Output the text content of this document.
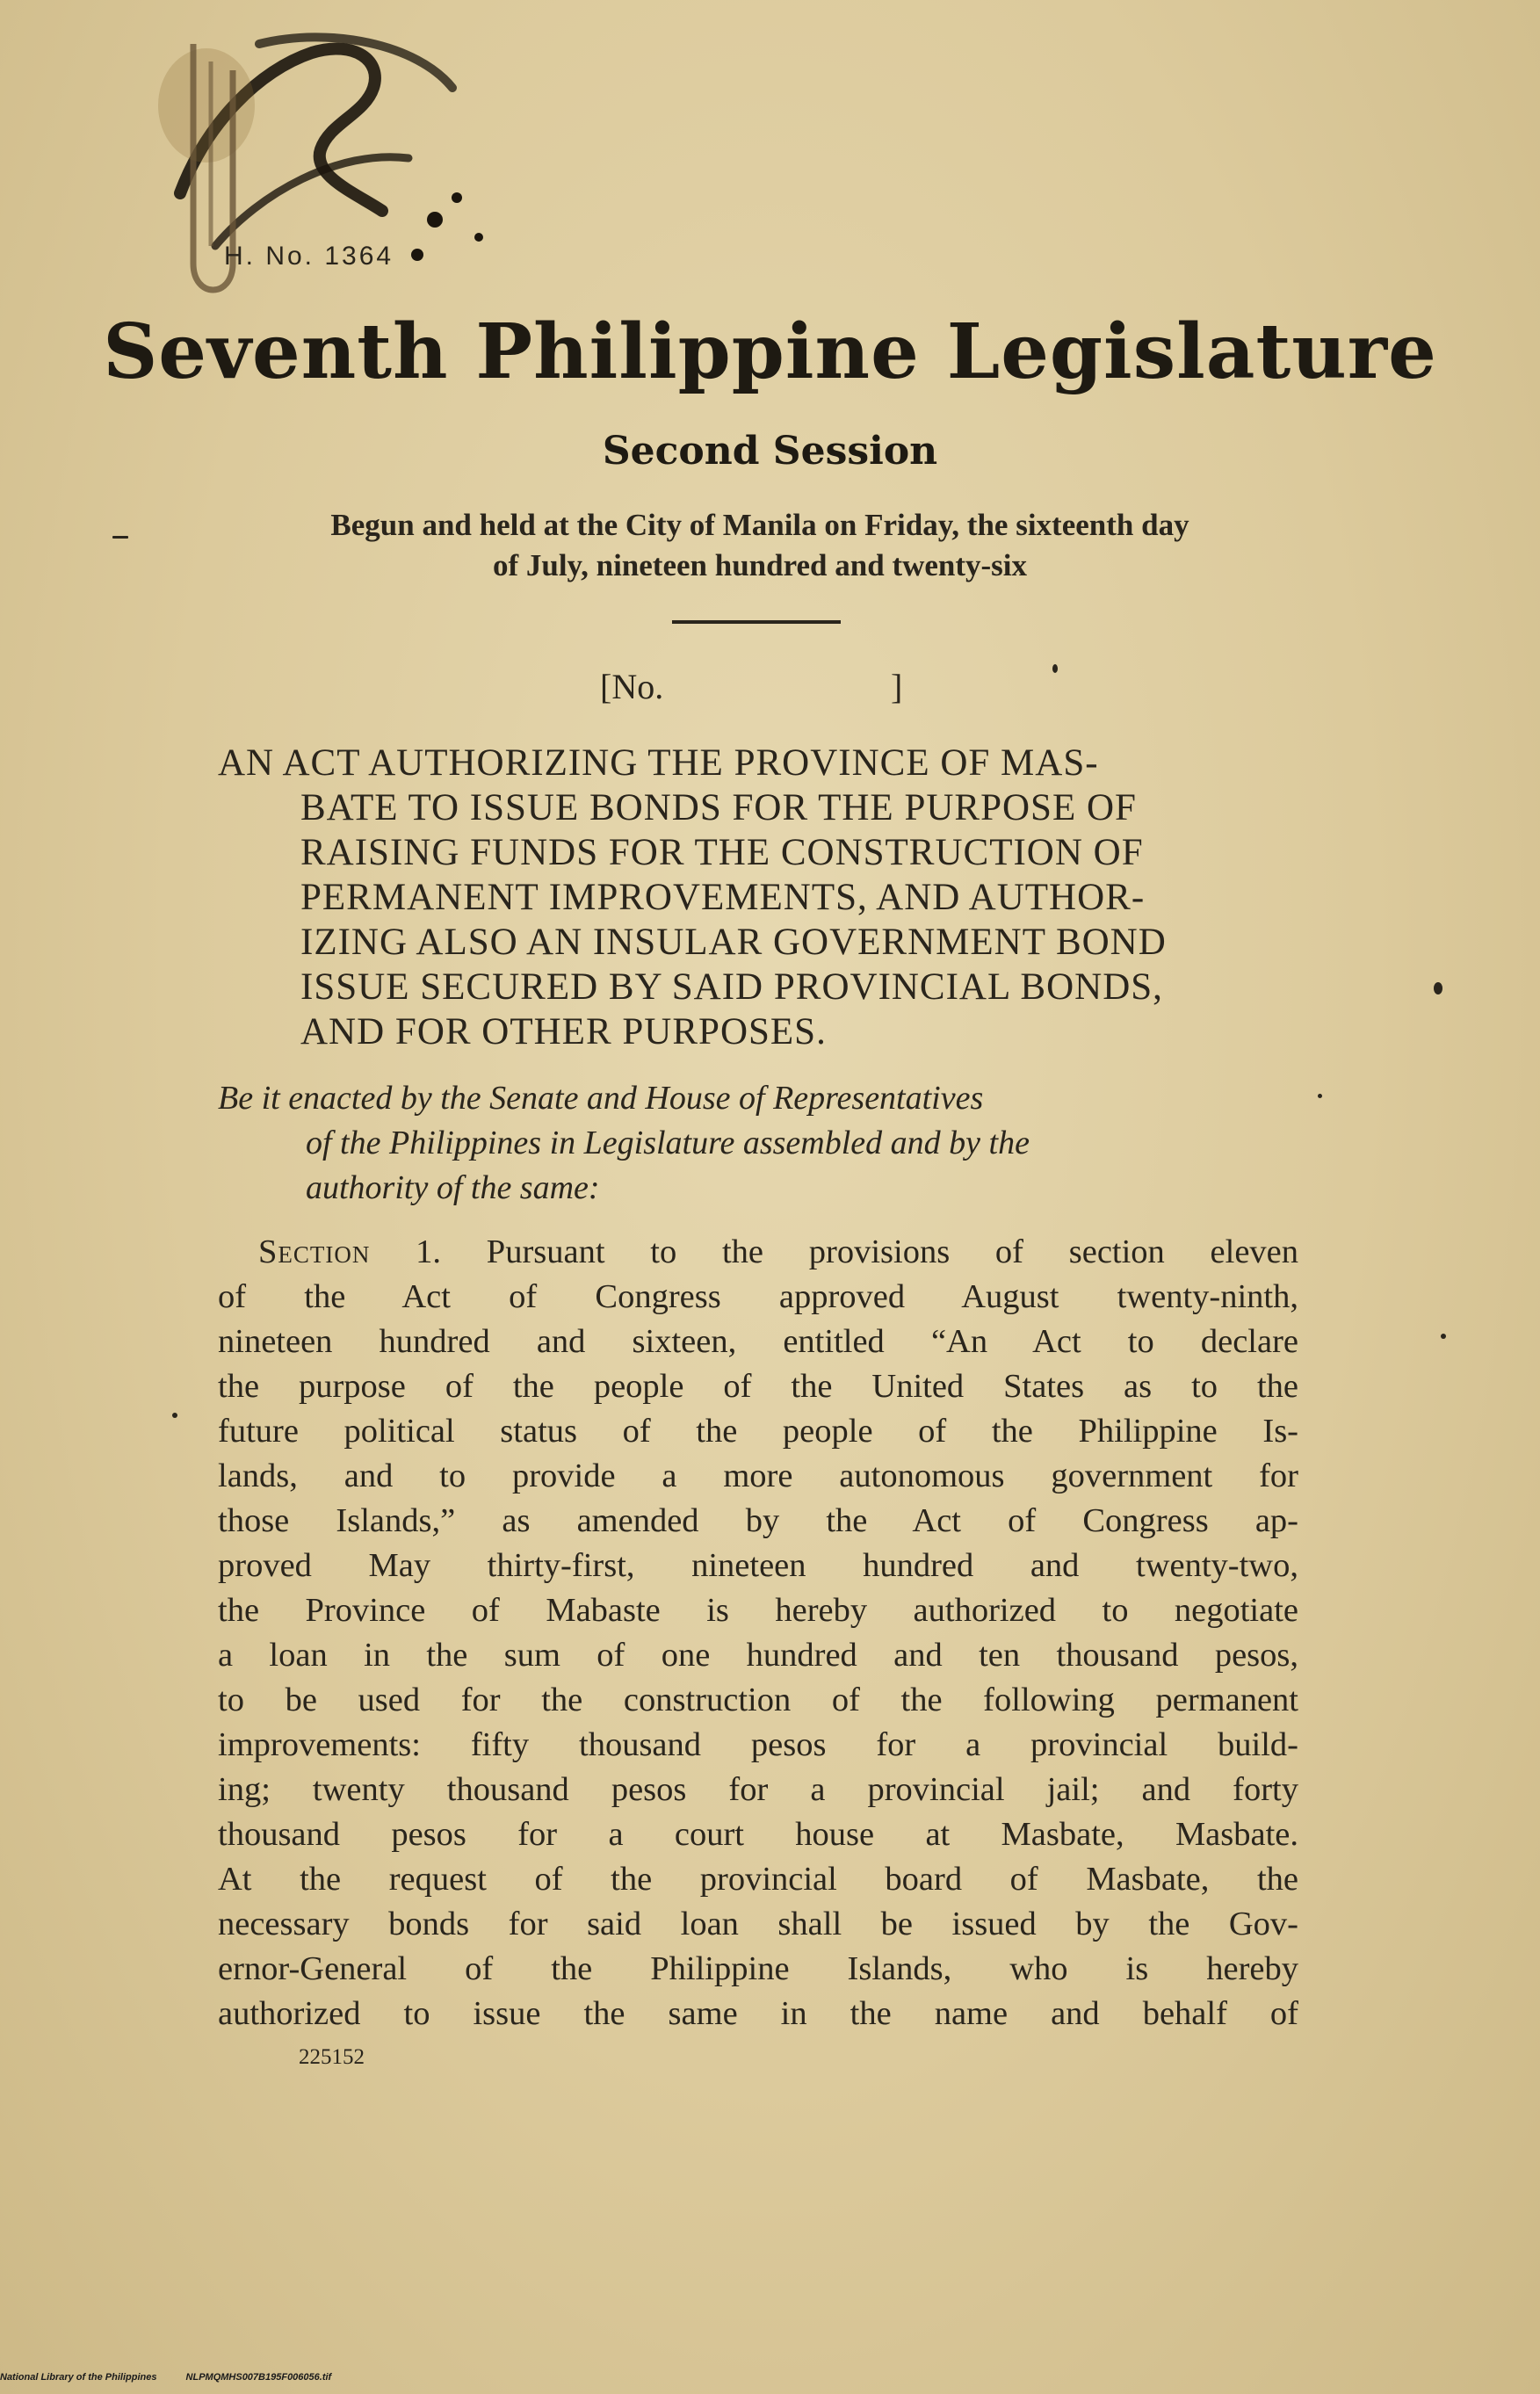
H. No. 1364
Seventh Philippine Legislature
Second Session
Begun and held at the City of Manila on Friday, the sixteenth day
of July, nineteen hundred and twenty-six
[No.	]

AN ACT AUTHORIZING THE PROVINCE OF MAS-

BATE TO ISSUE BONDS FOR THE PURPOSE OF

RAISING FUNDS FOR THE CONSTRUCTION OF

PERMANENT IMPROVEMENTS, AND AUTHOR-

IZING ALSO AN INSULAR GOVERNMENT BOND

ISSUE SECURED BY SAID PROVINCIAL BONDS,

AND FOR OTHER PURPOSES.

Be it enacted by the Senate and House of Representatives

of the Philippines in Legislature assembled and by the

authority of the same:

Section 1. Pursuant to the provisions of section eleven

of the Act of Congress approved August twenty-ninth,

nineteen hundred and sixteen, entitled “An Act to declare

the purpose of the people of the United States as to the

future political status of the people of the Philippine Is-

lands, and to provide a more autonomous government for

those Islands,” as amended by the Act of Congress ap-

proved May thirty-first, nineteen hundred and twenty-two,

the Province of Mabaste is hereby authorized to negotiate

a loan in the sum of one hundred and ten thousand pesos,

to be used for the construction of the following permanent

improvements: fifty thousand pesos for a provincial build-

ing; twenty thousand pesos for a provincial jail; and forty

thousand pesos for a court house at Masbate, Masbate.

At the request of the provincial board of Masbate, the

necessary bonds for said loan shall be issued by the Gov-

ernor-General of the Philippine Islands, who is hereby

authorized to issue the same in the name and behalf of

225152
National Library of the Philippines	NLPMQMHS007B195F006056.tif
